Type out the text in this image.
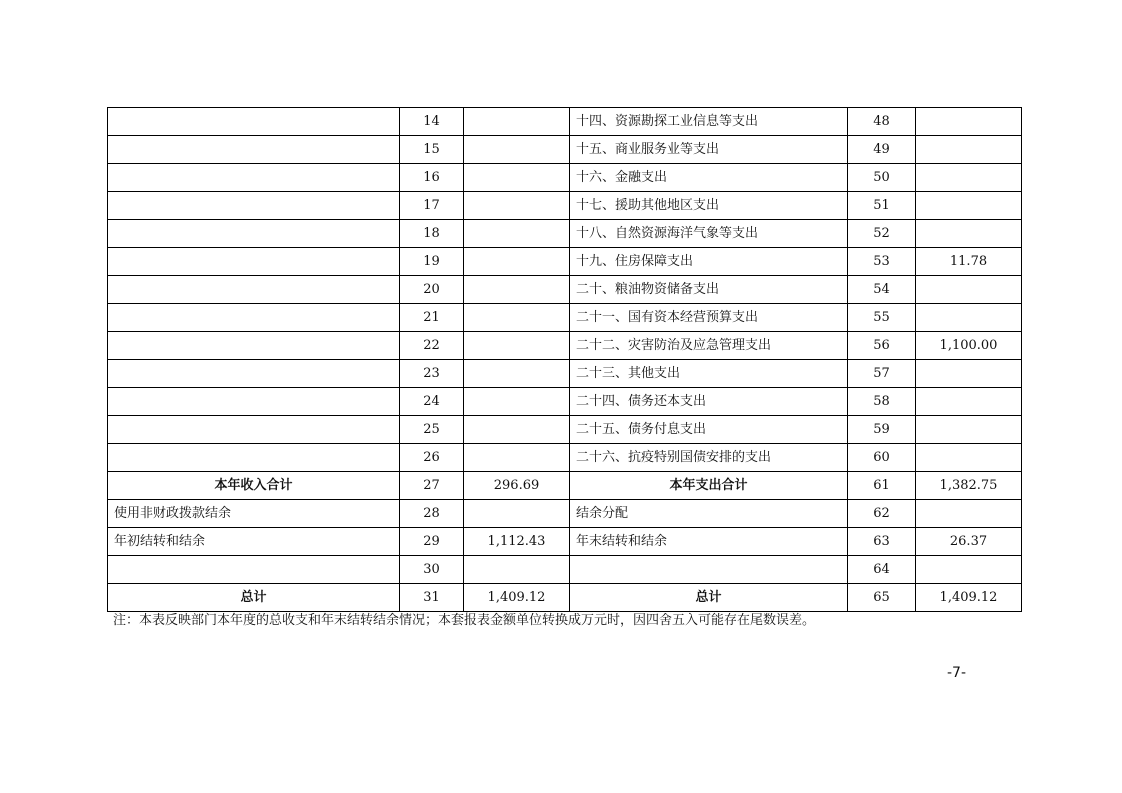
	14		十四、资源勘探工业信息等支出	48	
	15		十五、商业服务业等支出	49	
	16		十六、金融支出	50	
	17		十七、援助其他地区支出	51	
	18		十八、自然资源海洋气象等支出	52	
	19		十九、住房保障支出	53	11.78
	20		二十、粮油物资储备支出	54	
	21		二十一、国有资本经营预算支出	55	
	22		二十二、灾害防治及应急管理支出	56	1,100.00
	23		二十三、其他支出	57	
	24		二十四、债务还本支出	58	
	25		二十五、债务付息支出	59	
	26		二十六、抗疫特别国债安排的支出	60	
本年收入合计	27	296.69	本年支出合计	61	1,382.75
使用非财政拨款结余	28		结余分配	62	
年初结转和结余	29	1,112.43	年末结转和结余	63	26.37
	30			64	
总计	31	1,409.12	总计	65	1,409.12
注：本表反映部门本年度的总收支和年末结转结余情况；本套报表金额单位转换成万元时，因四舍五入可能存在尾数误差。
-7-
